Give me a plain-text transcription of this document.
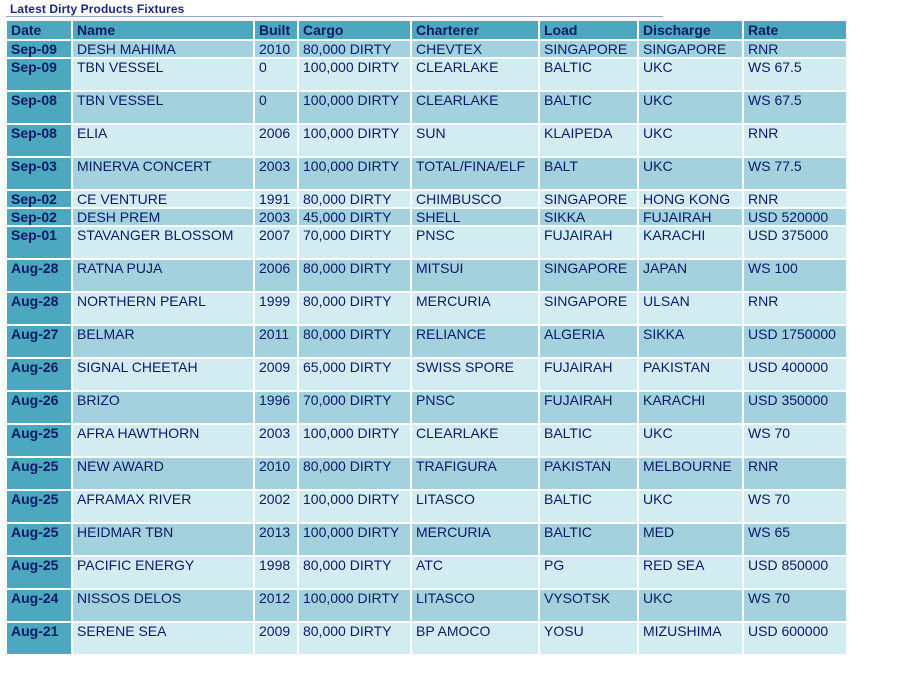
Latest Dirty Products Fixtures
Date	Name	Built	Cargo	Charterer	Load	Discharge	Rate
Sep-09	DESH MAHIMA	2010	80,000 DIRTY	CHEVTEX	SINGAPORE	SINGAPORE	RNR
Sep-09	TBN VESSEL	0	100,000 DIRTY	CLEARLAKE	BALTIC	UKC	WS 67.5
Sep-08	TBN VESSEL	0	100,000 DIRTY	CLEARLAKE	BALTIC	UKC	WS 67.5
Sep-08	ELIA	2006	100,000 DIRTY	SUN	KLAIPEDA	UKC	RNR
Sep-03	MINERVA CONCERT	2003	100,000 DIRTY	TOTAL/FINA/ELF	BALT	UKC	WS 77.5
Sep-02	CE VENTURE	1991	80,000 DIRTY	CHIMBUSCO	SINGAPORE	HONG KONG	RNR
Sep-02	DESH PREM	2003	45,000 DIRTY	SHELL	SIKKA	FUJAIRAH	USD 520000
Sep-01	STAVANGER BLOSSOM	2007	70,000 DIRTY	PNSC	FUJAIRAH	KARACHI	USD 375000
Aug-28	RATNA PUJA	2006	80,000 DIRTY	MITSUI	SINGAPORE	JAPAN	WS 100
Aug-28	NORTHERN PEARL	1999	80,000 DIRTY	MERCURIA	SINGAPORE	ULSAN	RNR
Aug-27	BELMAR	2011	80,000 DIRTY	RELIANCE	ALGERIA	SIKKA	USD 1750000
Aug-26	SIGNAL CHEETAH	2009	65,000 DIRTY	SWISS SPORE	FUJAIRAH	PAKISTAN	USD 400000
Aug-26	BRIZO	1996	70,000 DIRTY	PNSC	FUJAIRAH	KARACHI	USD 350000
Aug-25	AFRA HAWTHORN	2003	100,000 DIRTY	CLEARLAKE	BALTIC	UKC	WS 70
Aug-25	NEW AWARD	2010	80,000 DIRTY	TRAFIGURA	PAKISTAN	MELBOURNE	RNR
Aug-25	AFRAMAX RIVER	2002	100,000 DIRTY	LITASCO	BALTIC	UKC	WS 70
Aug-25	HEIDMAR TBN	2013	100,000 DIRTY	MERCURIA	BALTIC	MED	WS 65
Aug-25	PACIFIC ENERGY	1998	80,000 DIRTY	ATC	PG	RED SEA	USD 850000
Aug-24	NISSOS DELOS	2012	100,000 DIRTY	LITASCO	VYSOTSK	UKC	WS 70
Aug-21	SERENE SEA	2009	80,000 DIRTY	BP AMOCO	YOSU	MIZUSHIMA	USD 600000
